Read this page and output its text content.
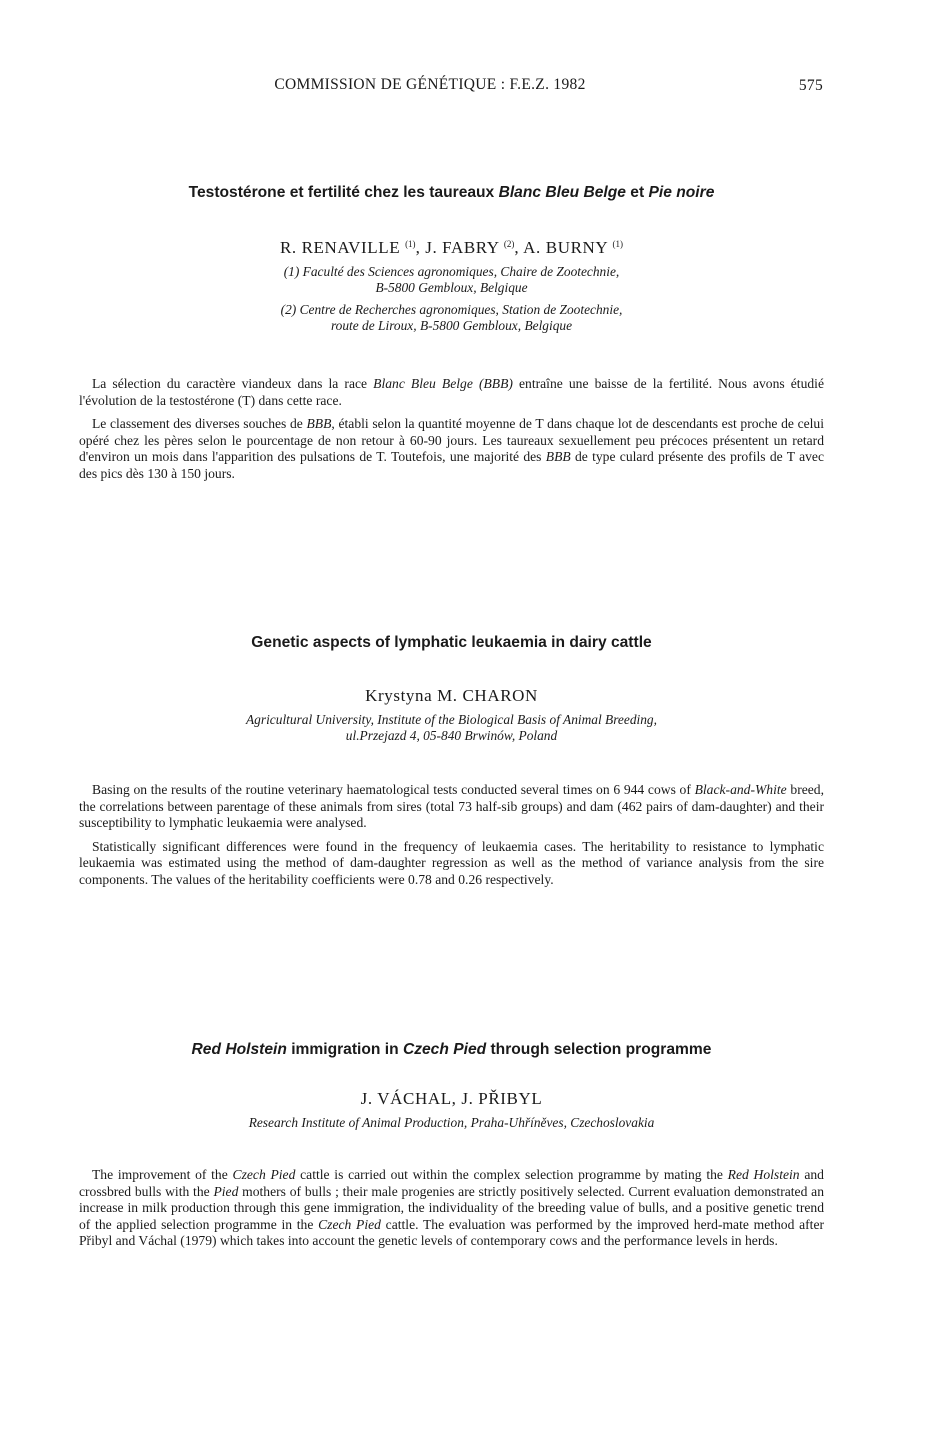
COMMISSION DE GÉNÉTIQUE : F.E.Z. 1982	575

Testostérone et fertilité chez les taureaux Blanc Bleu Belge et Pie noire

R. RENAVILLE $^{(1)}$, J. FABRY $^{(2)}$, A. BURNY $^{(1)}$

(1) Faculté des Sciences agronomiques, Chaire de Zootechnie,

B-5800 Gembloux, Belgique

(2) Centre de Recherches agronomiques, Station de Zootechnie,

route de Liroux, B-5800 Gembloux, Belgique

La sélection du caractère viandeux dans la race Blanc Bleu Belge (BBB) entraîne une baisse de la fertilité. Nous avons étudié l'évolution de la testostérone (T) dans cette race.

Le classement des diverses souches de BBB, établi selon la quantité moyenne de T dans chaque lot de descendants est proche de celui opéré chez les pères selon le pourcentage de non retour à 60-90 jours. Les taureaux sexuellement peu précoces présentent un retard d'environ un mois dans l'apparition des pulsations de T. Toutefois, une majorité des BBB de type culard présente des profils de T avec des pics dès 130 à 150 jours.

Genetic aspects of lymphatic leukaemia in dairy cattle

Krystyna M. CHARON

Agricultural University, Institute of the Biological Basis of Animal Breeding,

ul.Przejazd 4, 05-840 Brwinów, Poland

Basing on the results of the routine veterinary haematological tests conducted several times on 6 944 cows of Black-and-White breed, the correlations between parentage of these animals from sires (total 73 half-sib groups) and dam (462 pairs of dam-daughter) and their susceptibility to lymphatic leukaemia were analysed.

Statistically significant differences were found in the frequency of leukaemia cases. The heritability to resistance to lymphatic leukaemia was estimated using the method of dam-daughter regression as well as the method of variance analysis from the sire components. The values of the heritability coefficients were 0.78 and 0.26 respectively.

Red Holstein immigration in Czech Pied through selection programme

J. VÁCHAL, J. PŘIBYL

Research Institute of Animal Production, Praha-Uhříněves, Czechoslovakia

The improvement of the Czech Pied cattle is carried out within the complex selection programme by mating the Red Holstein and crossbred bulls with the Pied mothers of bulls ; their male progenies are strictly positively selected. Current evaluation demonstrated an increase in milk production through this gene immigration, the individuality of the breeding value of bulls, and a positive genetic trend of the applied selection programme in the Czech Pied cattle. The evaluation was performed by the improved herd-mate method after Přibyl and Váchal (1979) which takes into account the genetic levels of contemporary cows and the performance levels in herds.
